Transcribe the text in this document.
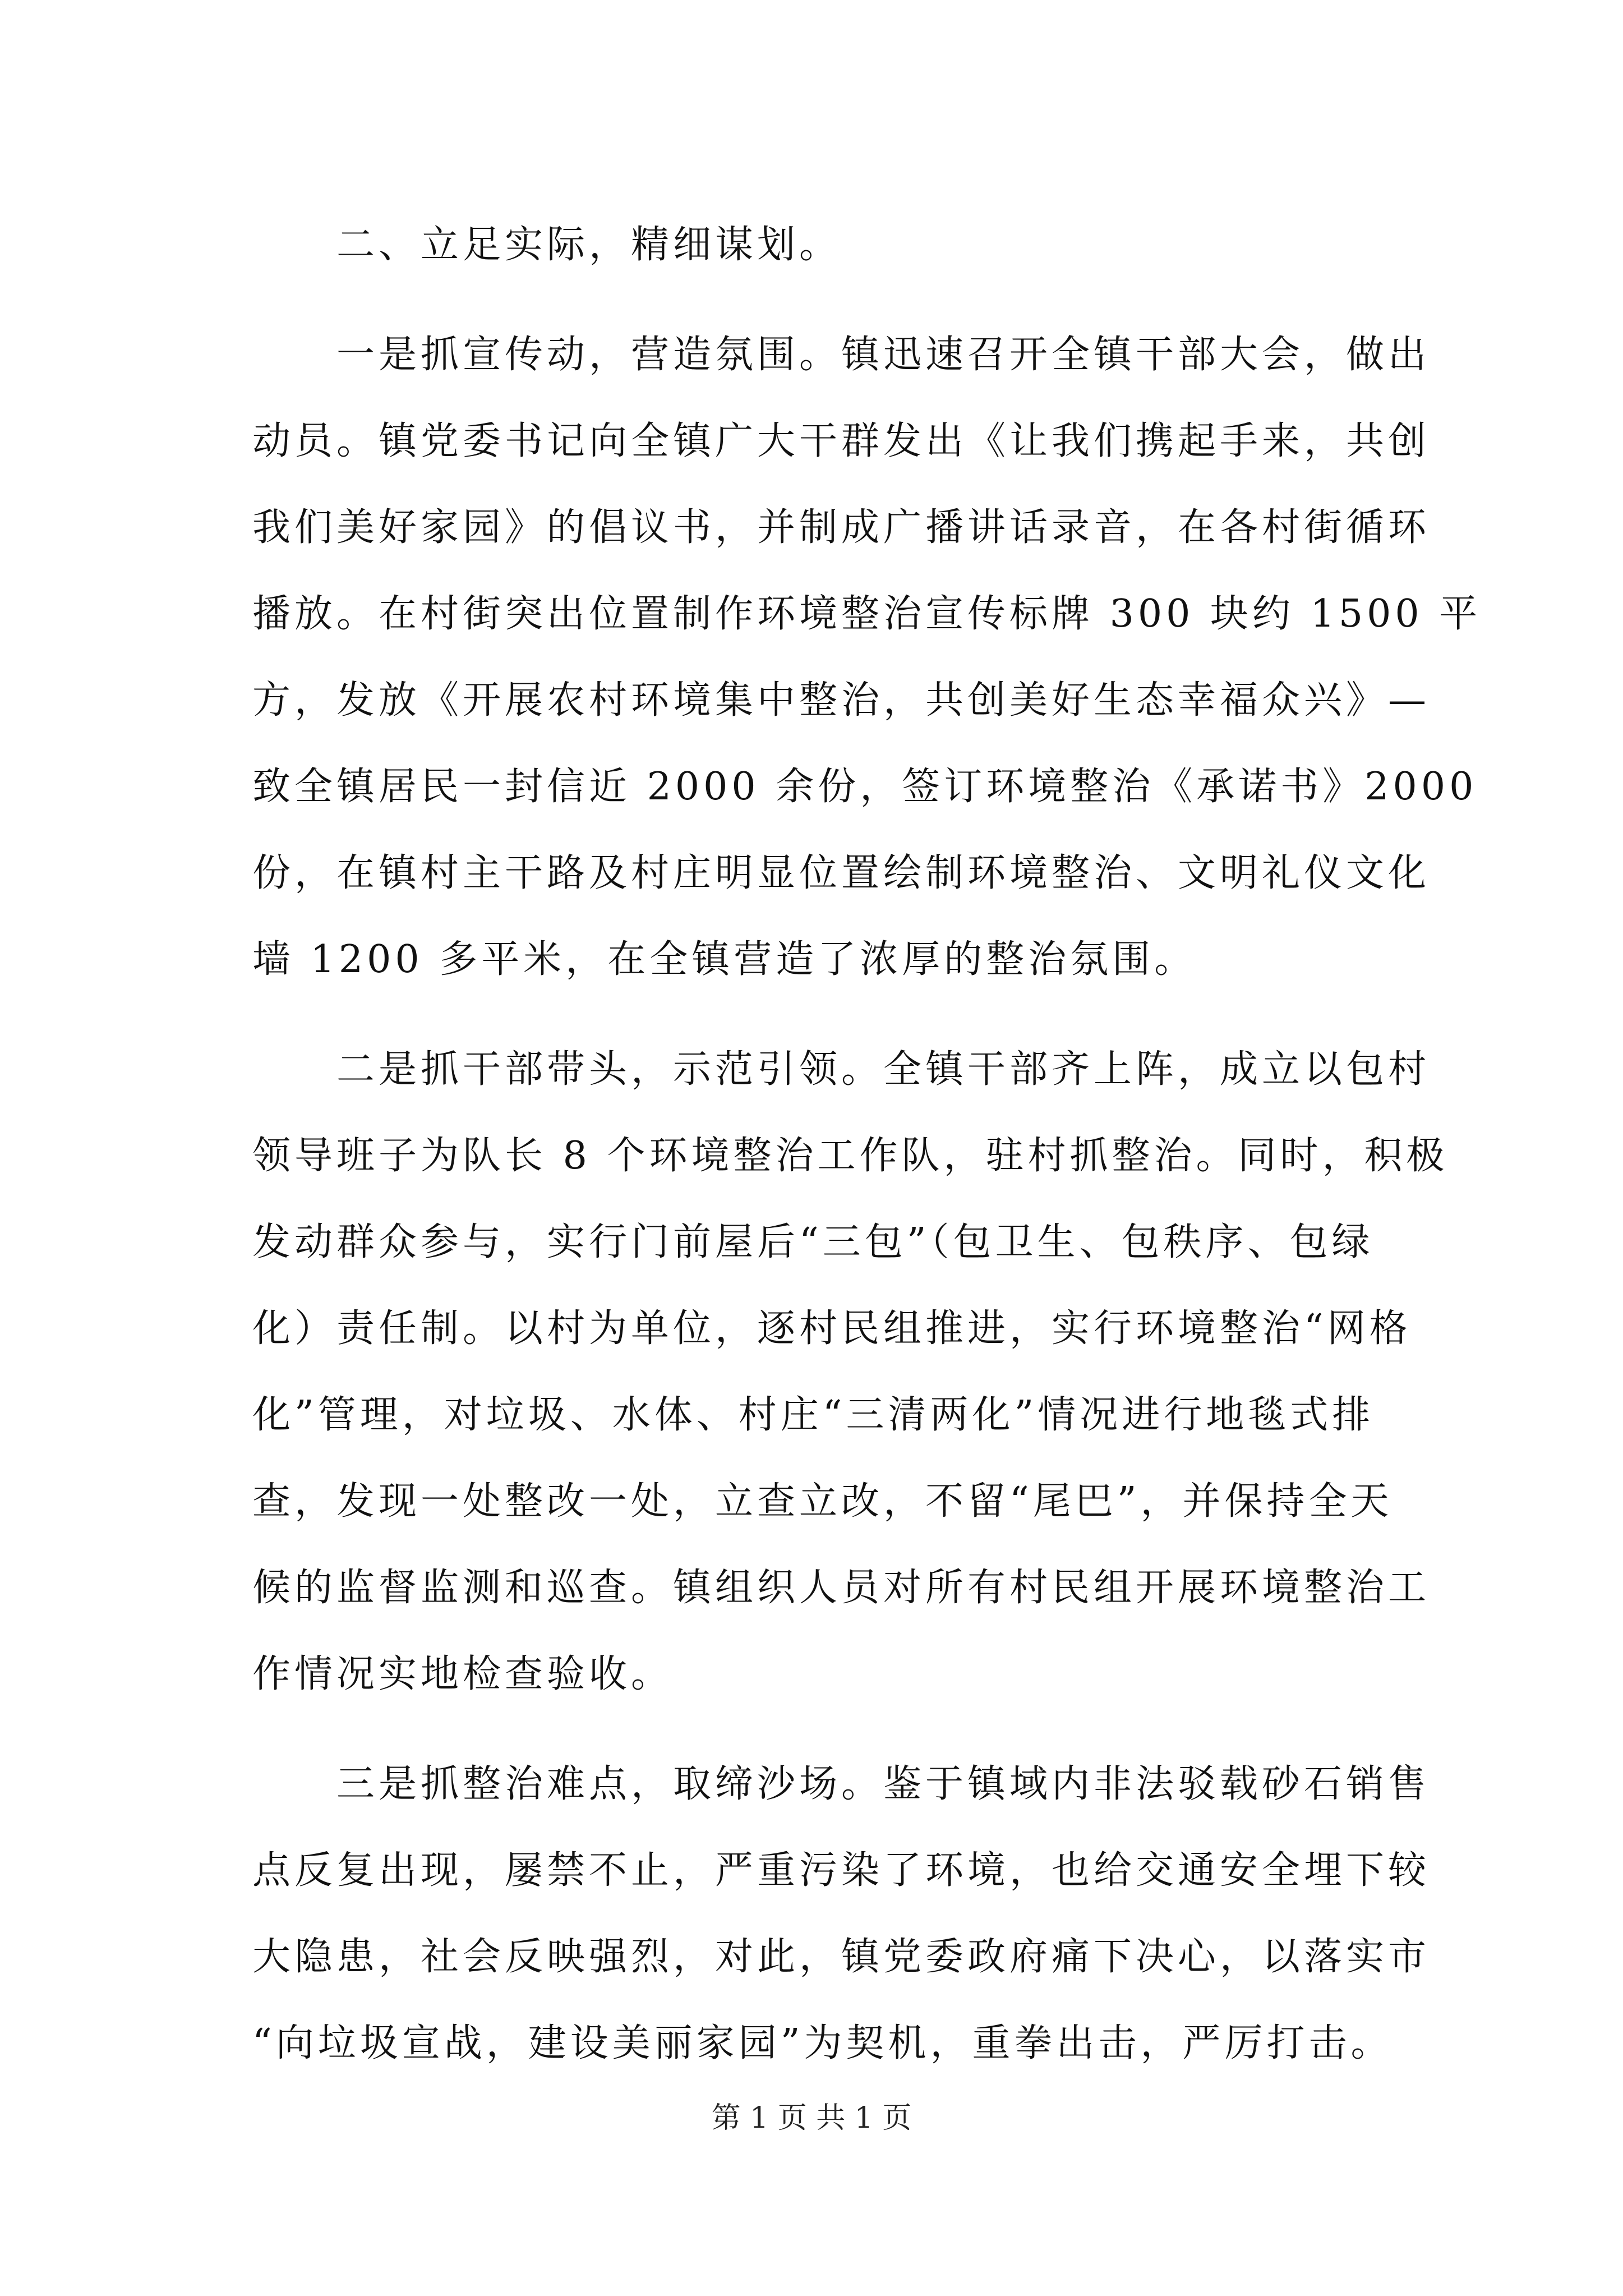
　　二、立足实际，精细谋划。
　　一是抓宣传动，营造氛围。镇迅速召开全镇干部大会，做出
动员。镇党委书记向全镇广大干群发出《让我们携起手来，共创
我们美好家园》的倡议书，并制成广播讲话录音，在各村街循环
播放。在村街突出位置制作环境整治宣传标牌 300 块约 1500 平
方，发放《开展农村环境集中整治，共创美好生态幸福众兴》—
致全镇居民一封信近 2000 余份，签订环境整治《承诺书》2000
份，在镇村主干路及村庄明显位置绘制环境整治、文明礼仪文化
墙 1200 多平米，在全镇营造了浓厚的整治氛围。
　　二是抓干部带头，示范引领。全镇干部齐上阵，成立以包村
领导班子为队长 8 个环境整治工作队，驻村抓整治。同时，积极
发动群众参与，实行门前屋后“三包”（包卫生、包秩序、包绿
化）责任制。以村为单位，逐村民组推进，实行环境整治“网格
化”管理，对垃圾、水体、村庄“三清两化”情况进行地毯式排
查，发现一处整改一处，立查立改，不留“尾巴”，并保持全天
候的监督监测和巡查。镇组织人员对所有村民组开展环境整治工
作情况实地检查验收。
　　三是抓整治难点，取缔沙场。鉴于镇域内非法驳载砂石销售
点反复出现，屡禁不止，严重污染了环境，也给交通安全埋下较
大隐患，社会反映强烈，对此，镇党委政府痛下决心，以落实市
“向垃圾宣战，建设美丽家园”为契机，重拳出击，严厉打击。
第 1 页 共 1 页
